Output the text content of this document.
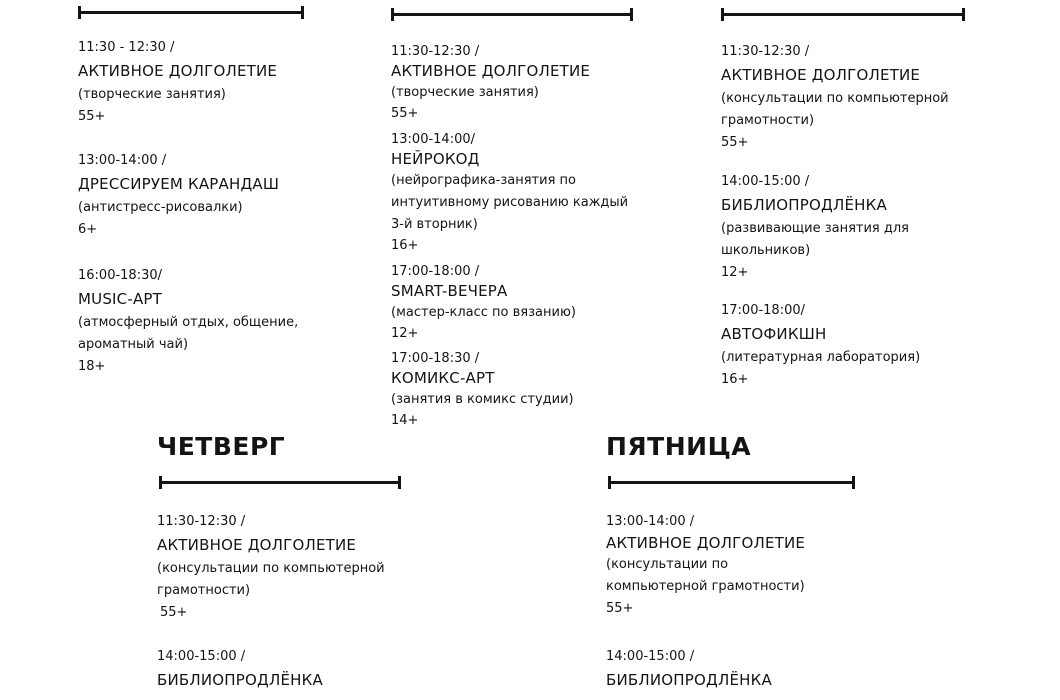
11:30 - 12:30 /

АКТИВНОЕ ДОЛГОЛЕТИЕ

(творческие занятия)

55+

13:00-14:00 /

ДРЕССИРУЕМ КАРАНДАШ

(антистресс-рисовалки)

6+

16:00-18:30/

MUSIC-АРТ

(атмосферный отдых, общение,

ароматный чай)

18+

11:30-12:30 /

АКТИВНОЕ ДОЛГОЛЕТИЕ

(творческие занятия)

55+

13:00-14:00/

НЕЙРОКОД

(нейрографика-занятия по

интуитивному рисованию каждый

3-й вторник)

16+

17:00-18:00 /

SMART-ВЕЧЕРА

(мастер-класс по вязанию)

12+

17:00-18:30 /

КОМИКС-АРТ

(занятия в комикс студии)

14+

11:30-12:30 /

АКТИВНОЕ ДОЛГОЛЕТИЕ

(консультации по компьютерной

грамотности)

55+

14:00-15:00 /

БИБЛИОПРОДЛЁНКА

(развивающие занятия для

школьников)

12+

17:00-18:00/

АВТОФИКШН

(литературная лаборатория)

16+

ЧЕТВЕРГ

11:30-12:30 /

АКТИВНОЕ ДОЛГОЛЕТИЕ

(консультации по компьютерной

грамотности)

55+

14:00-15:00 /

БИБЛИОПРОДЛЁНКА

ПЯТНИЦА

13:00-14:00 /

АКТИВНОЕ ДОЛГОЛЕТИЕ

(консультации по

компьютерной грамотности)

55+

14:00-15:00 /

БИБЛИОПРОДЛЁНКА
